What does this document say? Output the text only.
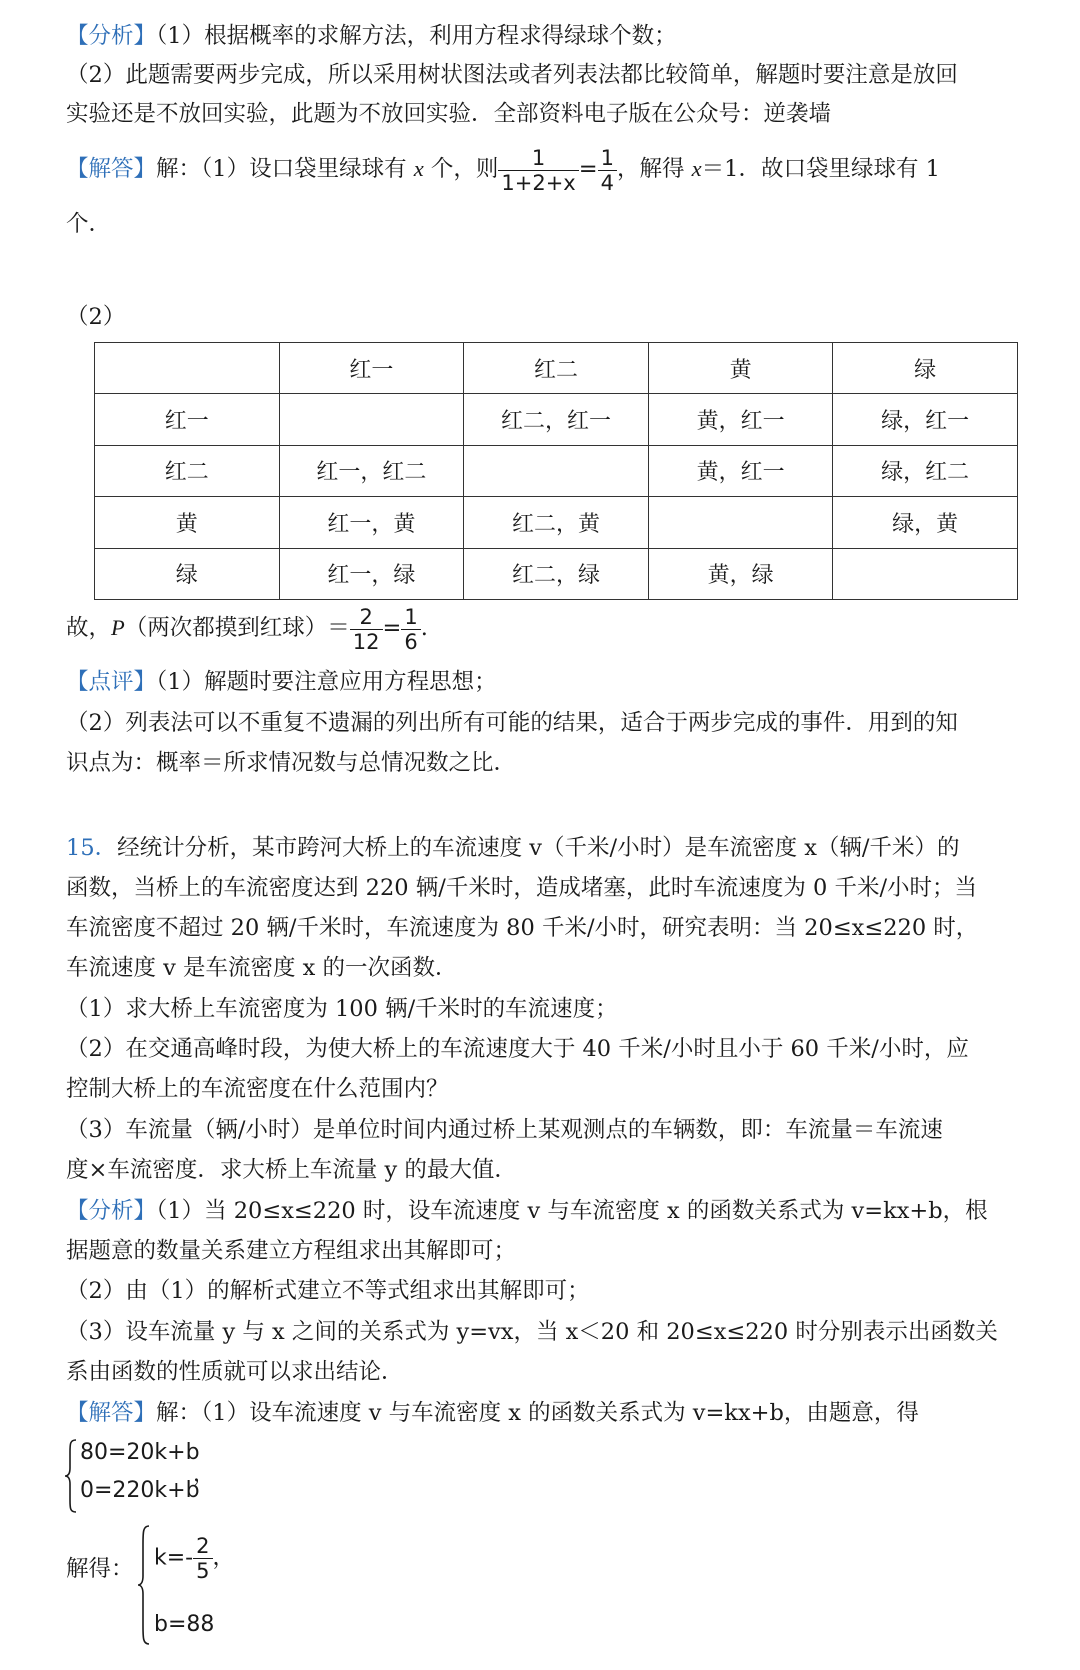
【分析】（1）根据概率的求解方法，利用方程求得绿球个数；
（2）此题需要两步完成，所以采用树状图法或者列表法都比较简单，解题时要注意是放回
实验还是不放回实验，此题为不放回实验．全部资料电子版在公众号：逆袭墙
【解答】解：（1）设口袋里绿球有 x 个，则 $\frac{1}{1+2+x} = \frac{1}{4}$ ，解得 x＝1．故口袋里绿球有 1
个．
（2）
	红一	红二	黄	绿
红一		红二，红一	黄，红一	绿，红一
红二	红一，红二		黄，红一	绿，红二
黄	红一，黄	红二，黄		绿，黄
绿	红一，绿	红二，绿	黄，绿	
故，P（两次都摸到红球）＝ $\frac{2}{12} = \frac{1}{6}$ .
【点评】（1）解题时要注意应用方程思想；
（2）列表法可以不重复不遗漏的列出所有可能的结果，适合于两步完成的事件．用到的知
识点为：概率＝所求情况数与总情况数之比．
15．经统计分析，某市跨河大桥上的车流速度 v（千米/小时）是车流密度 x（辆/千米）的
函数，当桥上的车流密度达到 220 辆/千米时，造成堵塞，此时车流速度为 0 千米/小时；当
车流密度不超过 20 辆/千米时，车流速度为 80 千米/小时，研究表明：当 20≤x≤220 时，
车流速度 v 是车流密度 x 的一次函数．
（1）求大桥上车流密度为 100 辆/千米时的车流速度；
（2）在交通高峰时段，为使大桥上的车流速度大于 40 千米/小时且小于 60 千米/小时，应
控制大桥上的车流密度在什么范围内？
（3）车流量（辆/小时）是单位时间内通过桥上某观测点的车辆数，即：车流量＝车流速
度×车流密度．求大桥上车流量 y 的最大值．
【分析】（1）当 20≤x≤220 时，设车流速度 v 与车流密度 x 的函数关系式为 v=kx+b，根
据题意的数量关系建立方程组求出其解即可；
（2）由（1）的解析式建立不等式组求出其解即可；
（3）设车流量 y 与 x 之间的关系式为 y=vx，当 x＜20 和 20≤x≤220 时分别表示出函数关
系由函数的性质就可以求出结论．
【解答】解：（1）设车流速度 v 与车流密度 x 的函数关系式为 v=kx+b，由题意，得
80=20k+b
0=220k+b
，
解得： $k=- \frac{2}{5}$ ，
b=88
